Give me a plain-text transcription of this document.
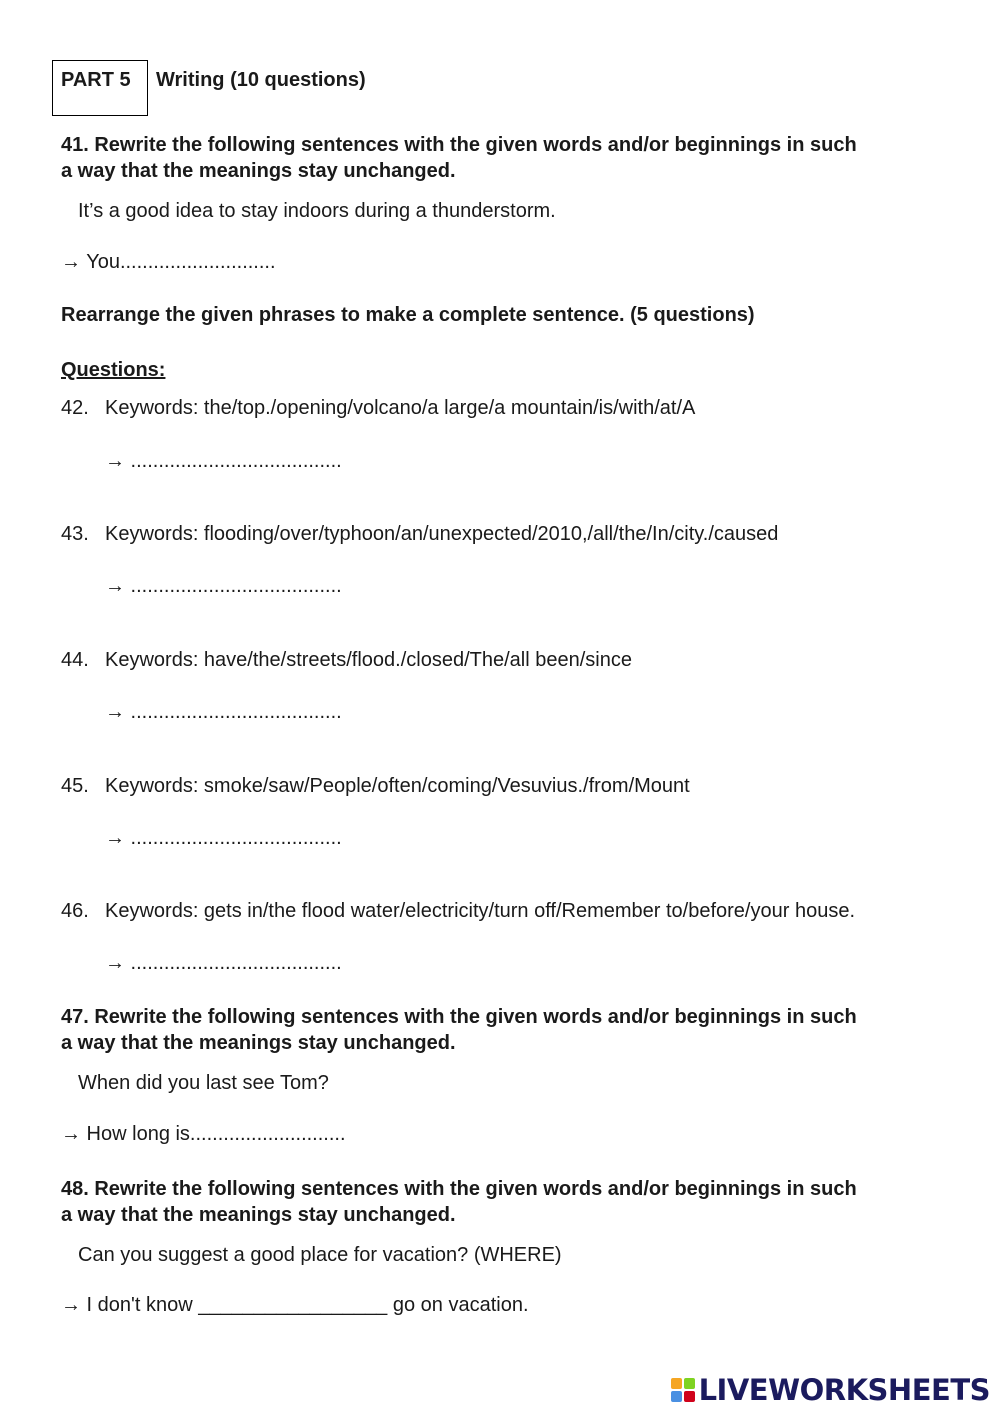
PART 5 Writing (10 questions)
41. Rewrite the following sentences with the given words and/or beginnings in such
a way that the meanings stay unchanged.
It’s a good idea to stay indoors during a thunderstorm.
→ You............................
Rearrange the given phrases to make a complete sentence. (5 questions)
Questions:
42. Keywords: the/top./opening/volcano/a large/a mountain/is/with/at/A
→ ......................................
43. Keywords: flooding/over/typhoon/an/unexpected/2010,/all/the/In/city./caused
→ ......................................
44. Keywords: have/the/streets/flood./closed/The/all been/since
→ ......................................
45. Keywords: smoke/saw/People/often/coming/Vesuvius./from/Mount
→ ......................................
46. Keywords: gets in/the flood water/electricity/turn off/Remember to/before/your house.
→ ......................................
47. Rewrite the following sentences with the given words and/or beginnings in such
a way that the meanings stay unchanged.
When did you last see Tom?
→ How long is............................
48. Rewrite the following sentences with the given words and/or beginnings in such
a way that the meanings stay unchanged.
Can you suggest a good place for vacation? (WHERE)
→ I don't know _________________ go on vacation.
LIVEWORKSHEETS
